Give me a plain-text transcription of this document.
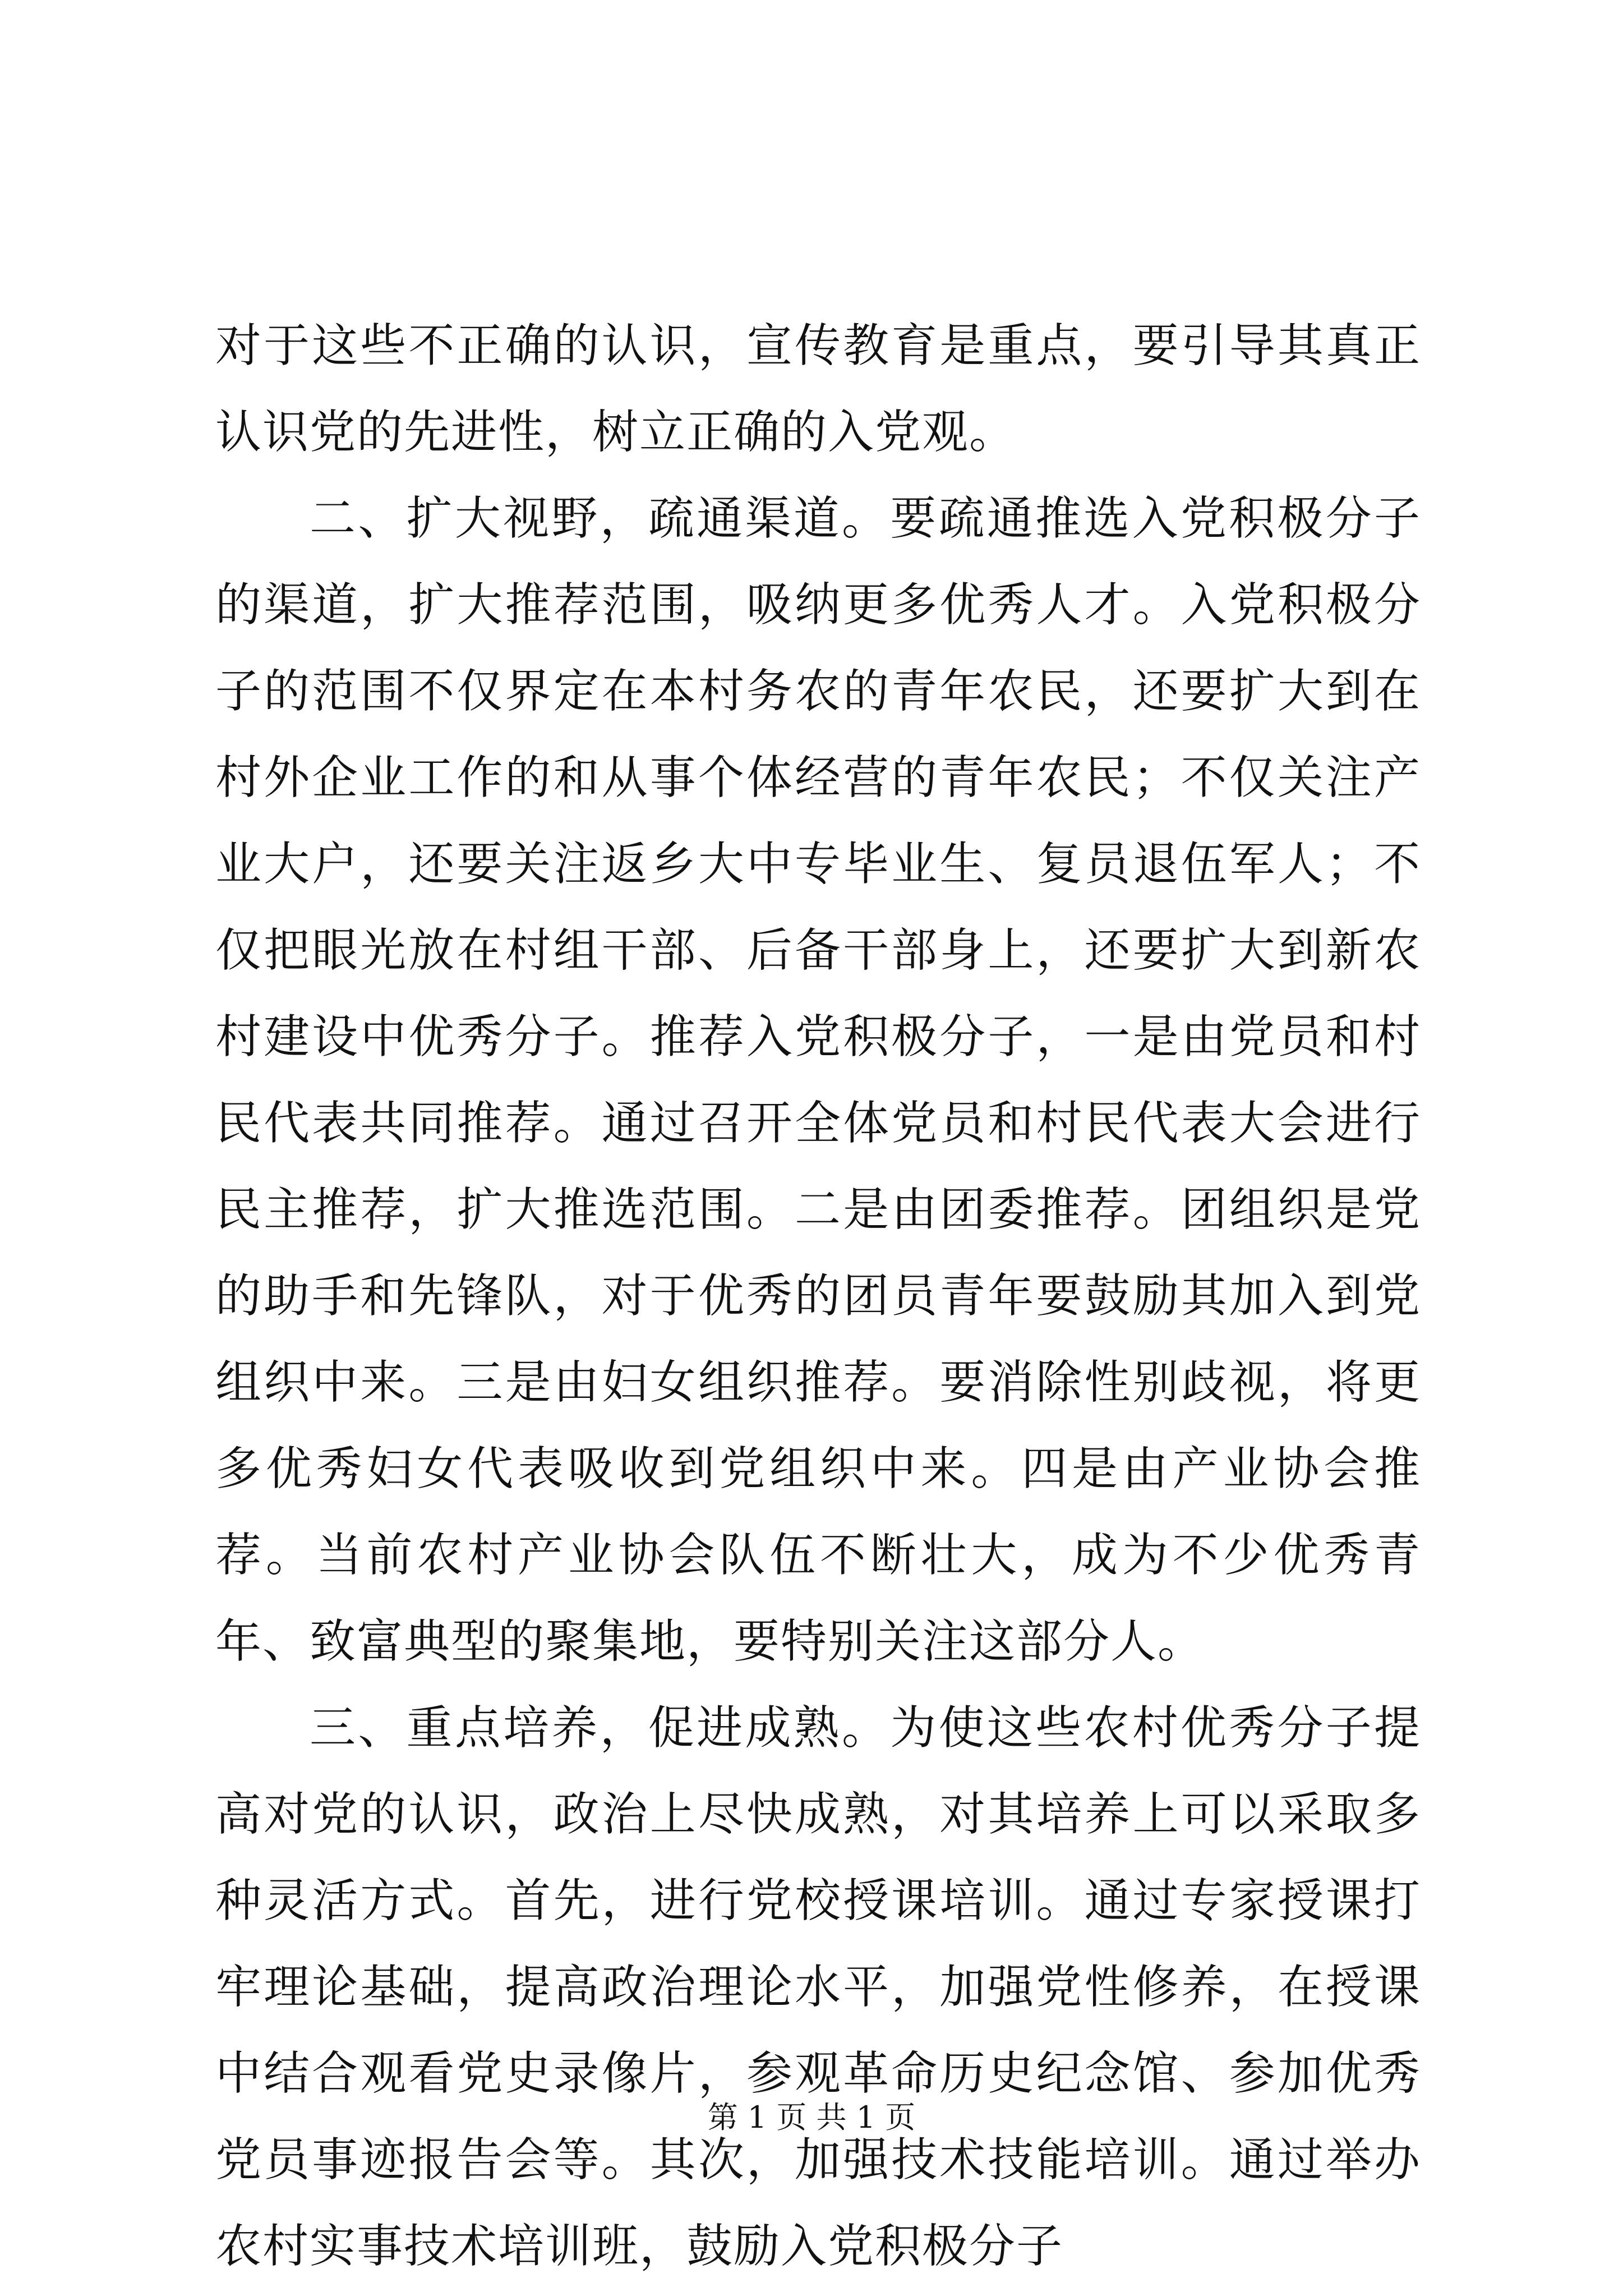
对于这些不正确的认识，宣传教育是重点，要引导其真正认识党的先进性，树立正确的入党观。

二、扩大视野，疏通渠道。要疏通推选入党积极分子的渠道，扩大推荐范围，吸纳更多优秀人才。入党积极分子的范围不仅界定在本村务农的青年农民，还要扩大到在村外企业工作的和从事个体经营的青年农民；不仅关注产业大户，还要关注返乡大中专毕业生、复员退伍军人；不仅把眼光放在村组干部、后备干部身上，还要扩大到新农村建设中优秀分子。推荐入党积极分子，一是由党员和村民代表共同推荐。通过召开全体党员和村民代表大会进行民主推荐，扩大推选范围。二是由团委推荐。团组织是党的助手和先锋队，对于优秀的团员青年要鼓励其加入到党组织中来。三是由妇女组织推荐。要消除性别歧视，将更多优秀妇女代表吸收到党组织中来。四是由产业协会推荐。当前农村产业协会队伍不断壮大，成为不少优秀青年、致富典型的聚集地，要特别关注这部分人。

三、重点培养，促进成熟。为使这些农村优秀分子提高对党的认识，政治上尽快成熟，对其培养上可以采取多种灵活方式。首先，进行党校授课培训。通过专家授课打牢理论基础，提高政治理论水平，加强党性修养，在授课中结合观看党史录像片，参观革命历史纪念馆、参加优秀党员事迹报告会等。其次，加强技术技能培训。通过举办农村实事技术培训班，鼓励入党积极分子

第 1 页 共 1 页
